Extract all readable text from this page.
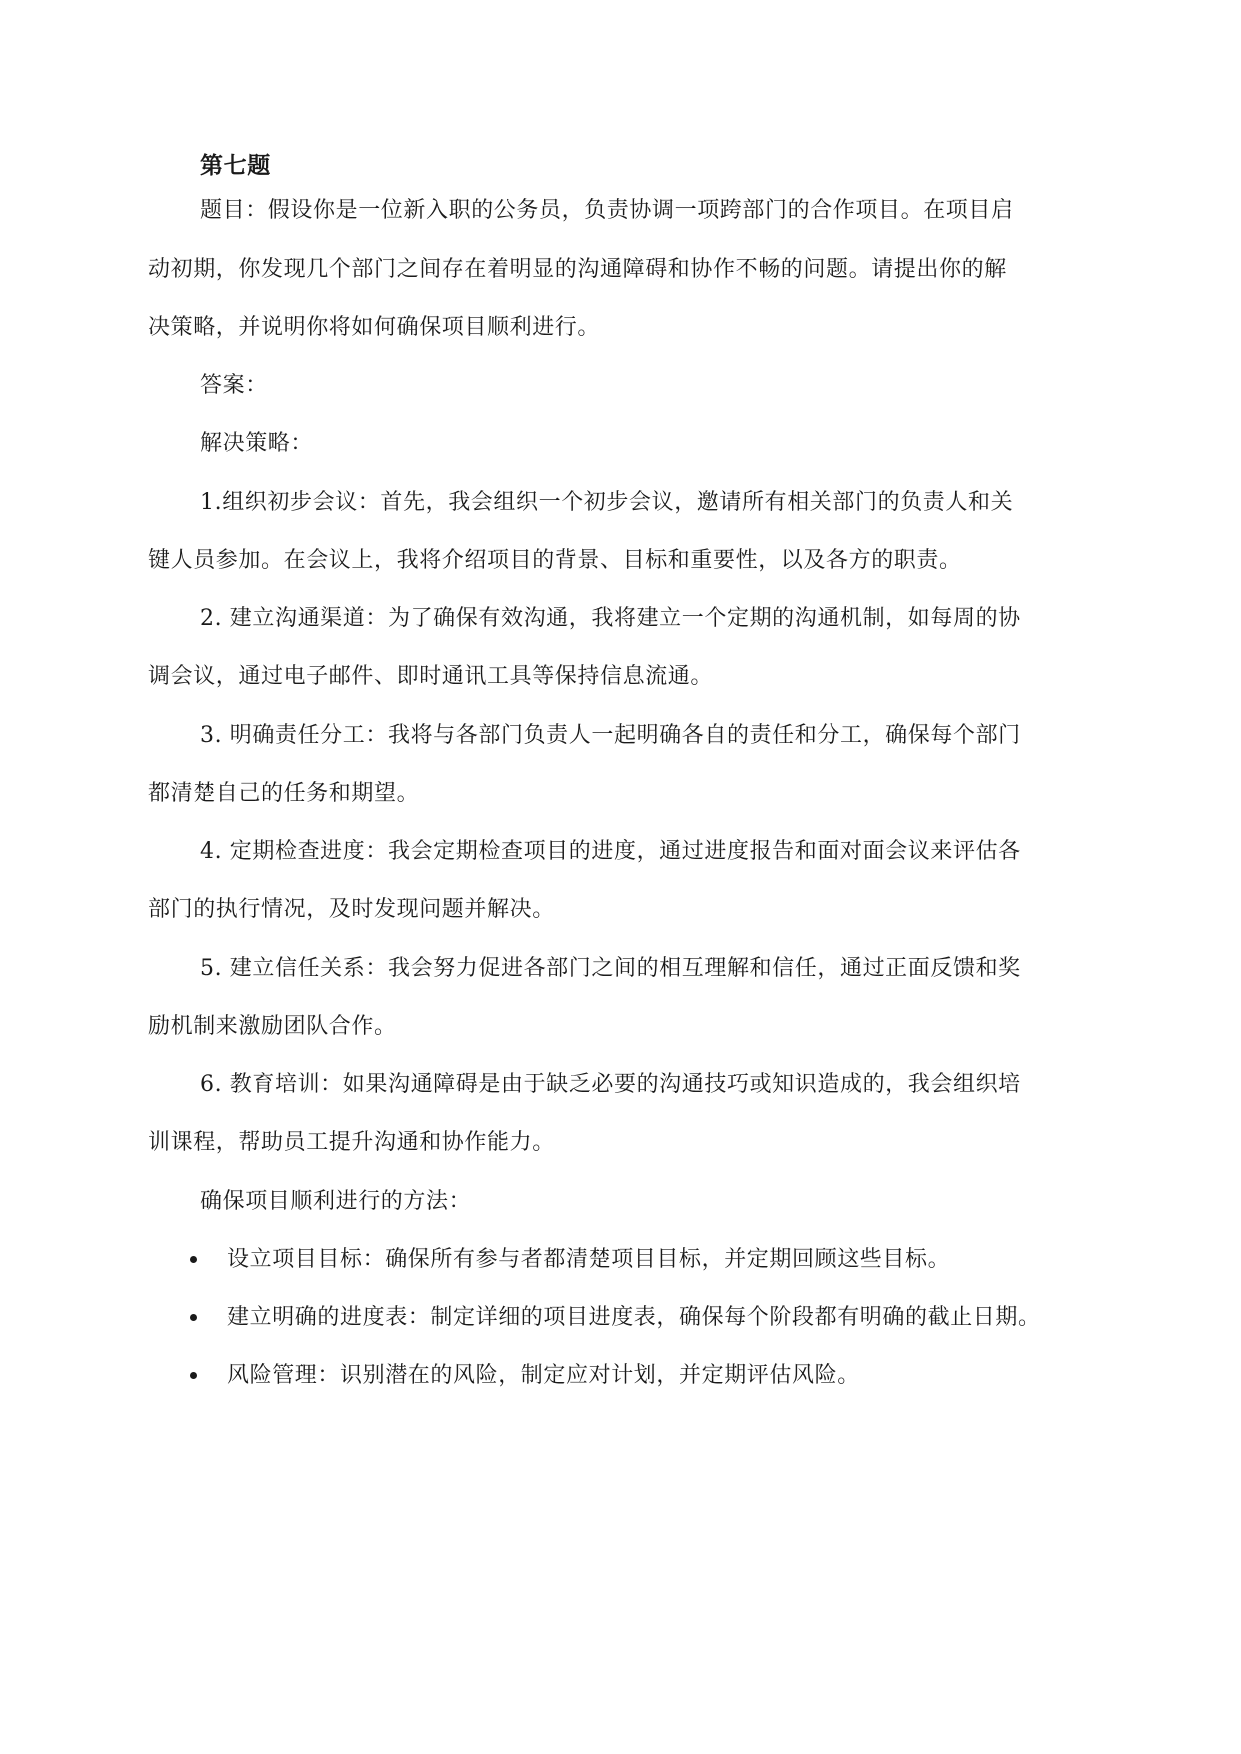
第七题
题目：假设你是一位新入职的公务员，负责协调一项跨部门的合作项目。在项目启
动初期，你发现几个部门之间存在着明显的沟通障碍和协作不畅的问题。请提出你的解
决策略，并说明你将如何确保项目顺利进行。
答案：
解决策略：
1.组织初步会议：首先，我会组织一个初步会议，邀请所有相关部门的负责人和关
键人员参加。在会议上，我将介绍项目的背景、目标和重要性，以及各方的职责。
2. 建立沟通渠道：为了确保有效沟通，我将建立一个定期的沟通机制，如每周的协
调会议，通过电子邮件、即时通讯工具等保持信息流通。
3. 明确责任分工：我将与各部门负责人一起明确各自的责任和分工，确保每个部门
都清楚自己的任务和期望。
4. 定期检查进度：我会定期检查项目的进度，通过进度报告和面对面会议来评估各
部门的执行情况，及时发现问题并解决。
5. 建立信任关系：我会努力促进各部门之间的相互理解和信任，通过正面反馈和奖
励机制来激励团队合作。
6. 教育培训：如果沟通障碍是由于缺乏必要的沟通技巧或知识造成的，我会组织培
训课程，帮助员工提升沟通和协作能力。
确保项目顺利进行的方法：
设立项目目标：确保所有参与者都清楚项目目标，并定期回顾这些目标。
建立明确的进度表：制定详细的项目进度表，确保每个阶段都有明确的截止日期。
风险管理：识别潜在的风险，制定应对计划，并定期评估风险。
